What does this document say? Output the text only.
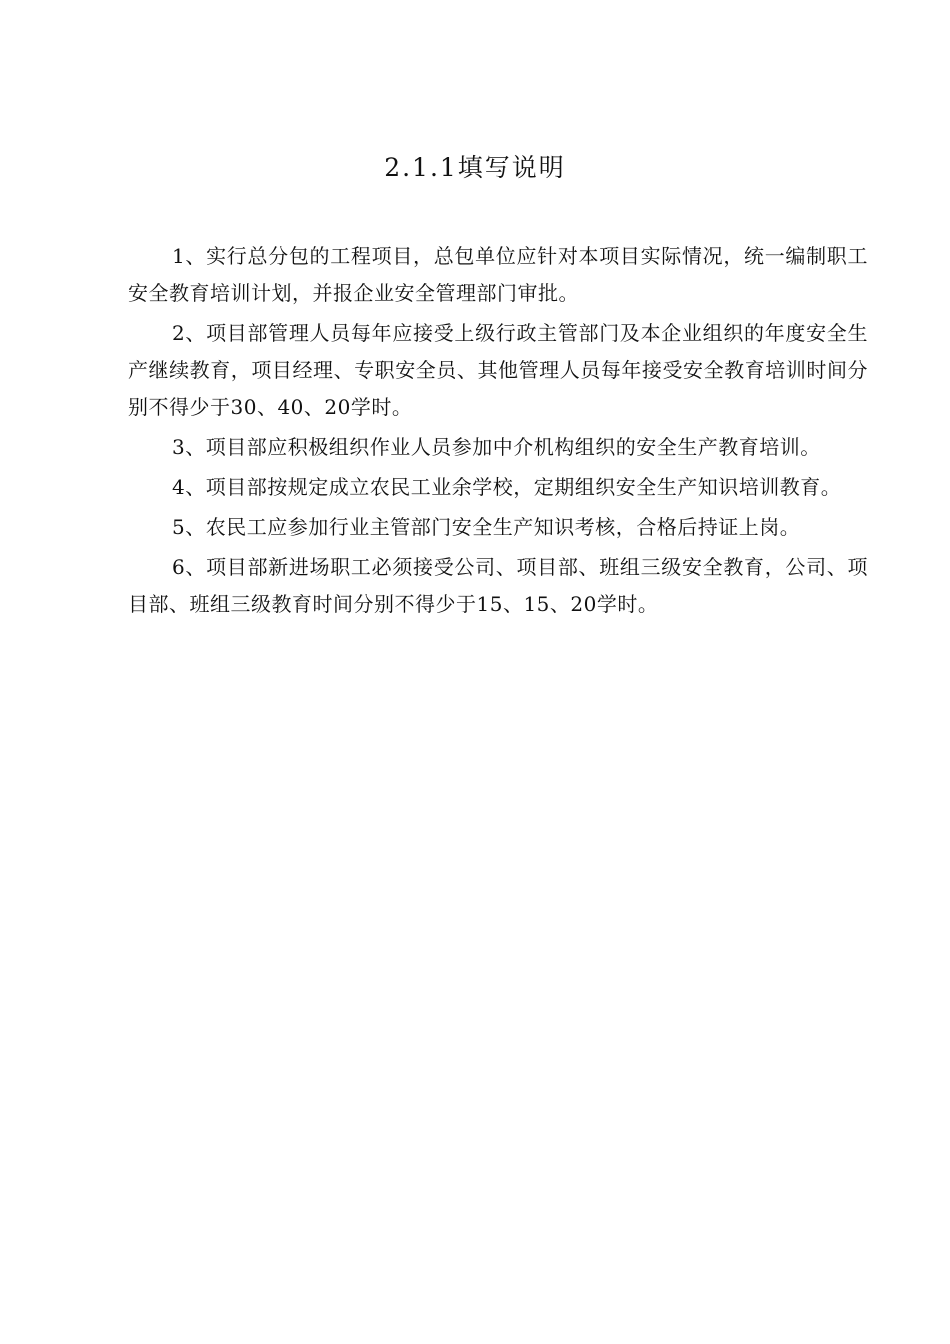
2.1.1填写说明

1、实行总分包的工程项目，总包单位应针对本项目实际情况，统一编制职工安全教育培训计划，并报企业安全管理部门审批。

2、项目部管理人员每年应接受上级行政主管部门及本企业组织的年度安全生产继续教育，项目经理、专职安全员、其他管理人员每年接受安全教育培训时间分别不得少于30、40、20学时。

3、项目部应积极组织作业人员参加中介机构组织的安全生产教育培训。

4、项目部按规定成立农民工业余学校，定期组织安全生产知识培训教育。

5、农民工应参加行业主管部门安全生产知识考核，合格后持证上岗。

6、项目部新进场职工必须接受公司、项目部、班组三级安全教育，公司、项目部、班组三级教育时间分别不得少于15、15、20学时。
